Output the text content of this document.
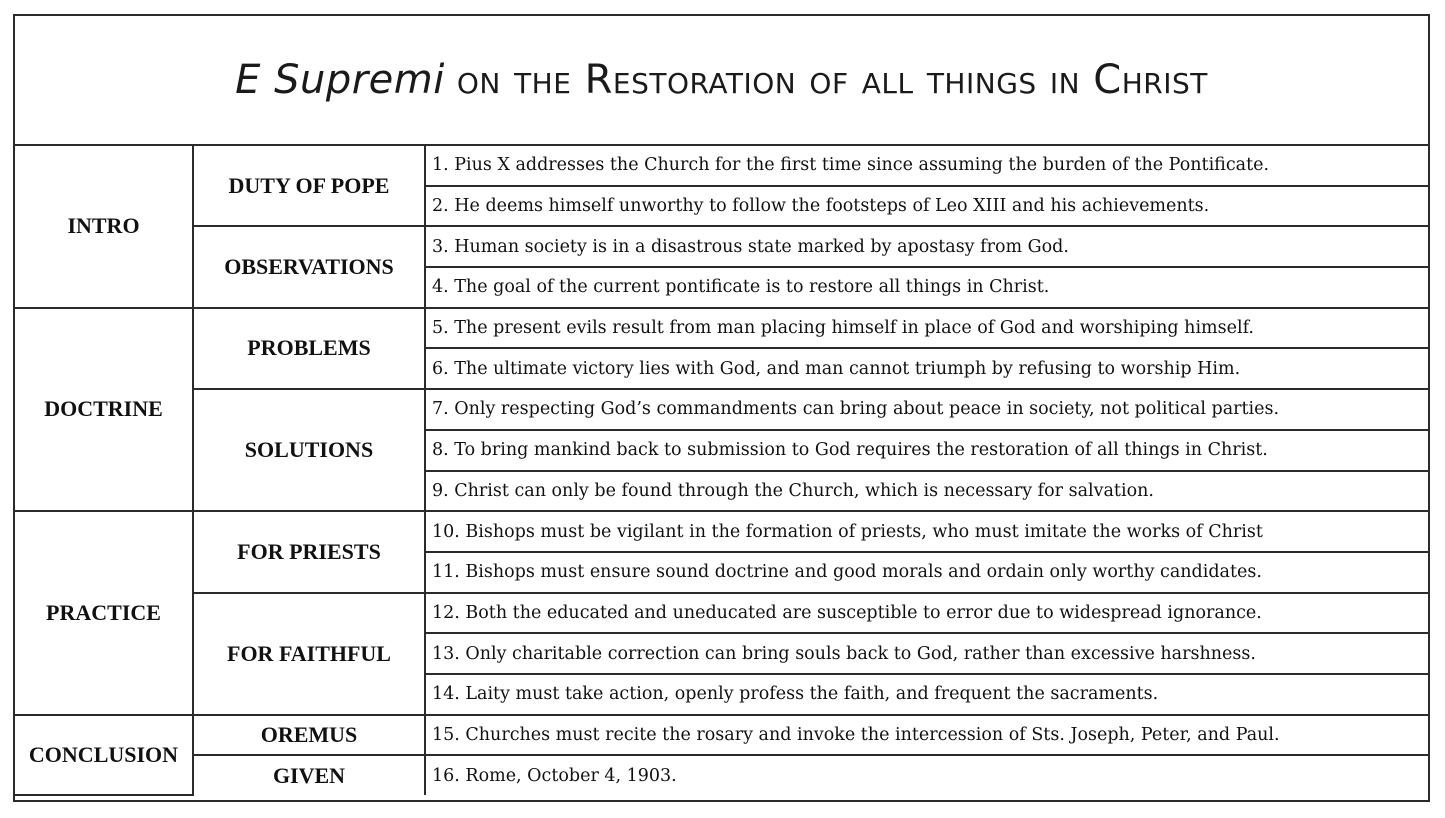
E Supremi on the Restoration of all things in Christ
INTRO	DUTY OF POPE	1. Pius X addresses the Church for the first time since assuming the burden of the Pontificate.
		2. He deems himself unworthy to follow the footsteps of Leo XIII and his achievements.
	OBSERVATIONS	3. Human society is in a disastrous state marked by apostasy from God.
		4. The goal of the current pontificate is to restore all things in Christ.
DOCTRINE	PROBLEMS	5. The present evils result from man placing himself in place of God and worshiping himself.
		6. The ultimate victory lies with God, and man cannot triumph by refusing to worship Him.
	SOLUTIONS	7. Only respecting God’s commandments can bring about peace in society, not political parties.
		8. To bring mankind back to submission to God requires the restoration of all things in Christ.
		9. Christ can only be found through the Church, which is necessary for salvation.
PRACTICE	FOR PRIESTS	10. Bishops must be vigilant in the formation of priests, who must imitate the works of Christ
		11. Bishops must ensure sound doctrine and good morals and ordain only worthy candidates.
	FOR FAITHFUL	12. Both the educated and uneducated are susceptible to error due to widespread ignorance.
		13. Only charitable correction can bring souls back to God, rather than excessive harshness.
		14. Laity must take action, openly profess the faith, and frequent the sacraments.
CONCLUSION	OREMUS	15. Churches must recite the rosary and invoke the intercession of Sts. Joseph, Peter, and Paul.
	GIVEN	16. Rome, October 4, 1903.
